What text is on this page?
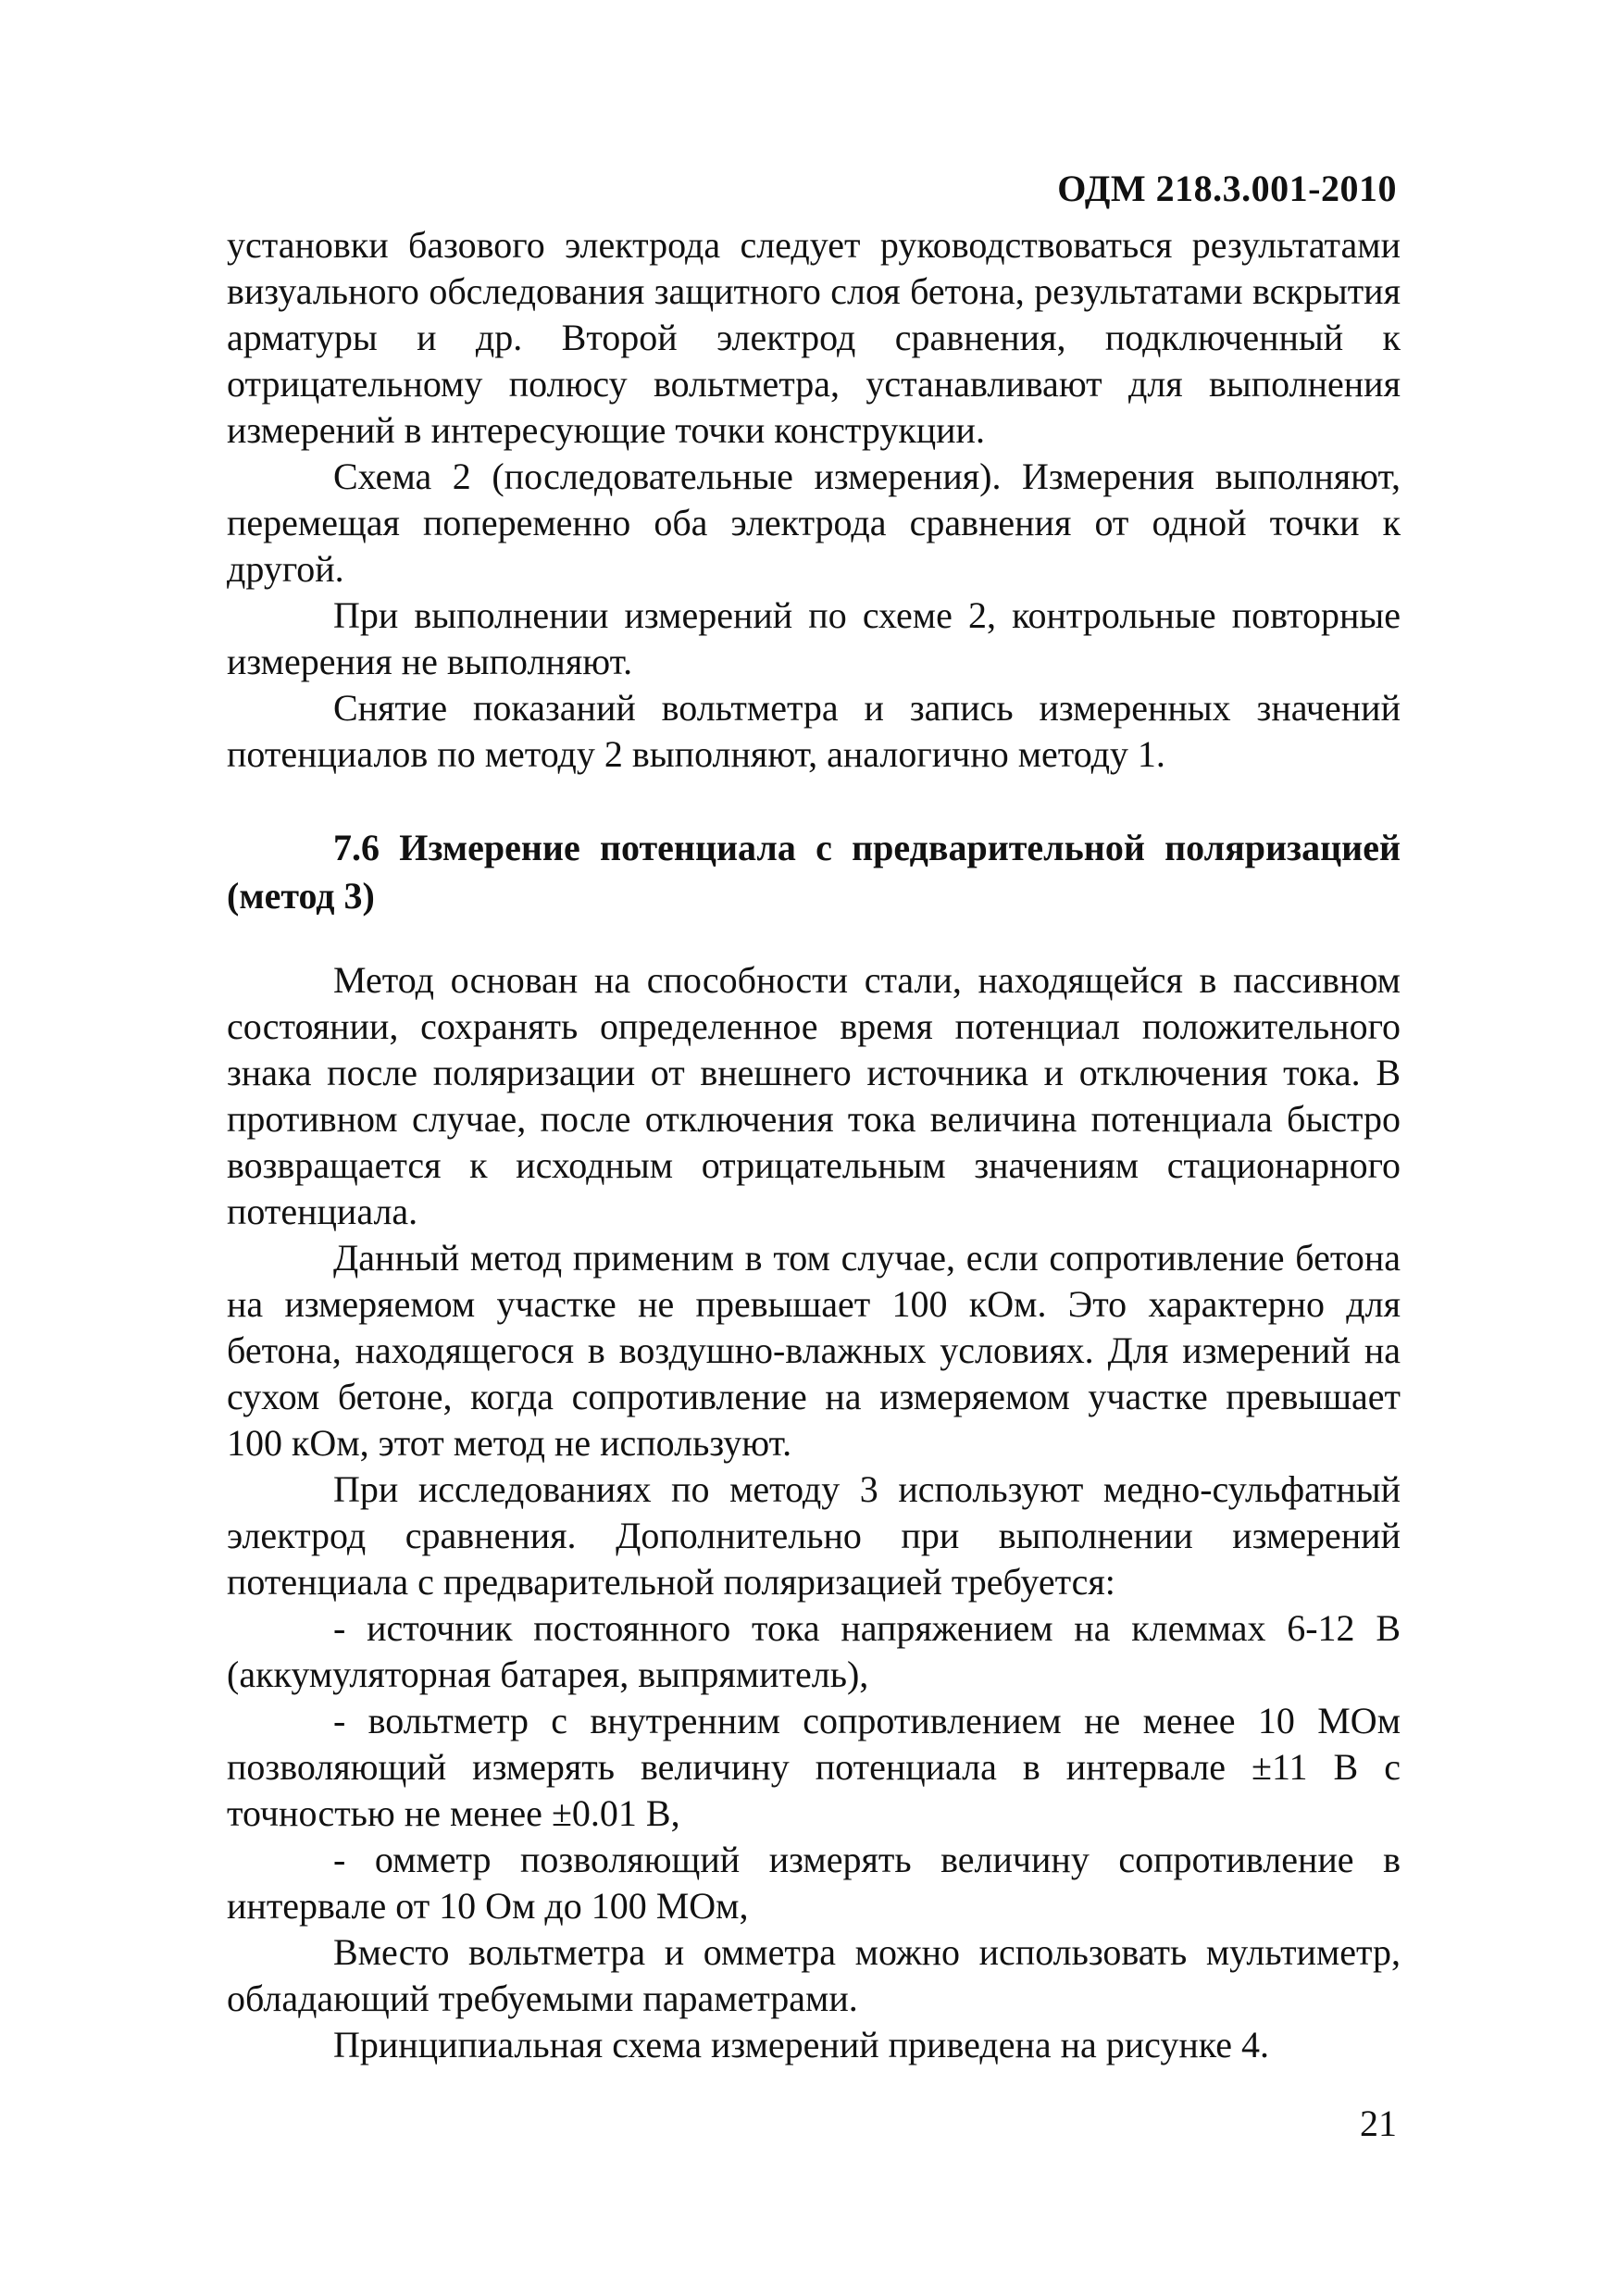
ОДМ 218.3.001-2010

установки базового электрода следует руководствоваться результатами визуального обследования защитного слоя бетона, результатами вскрытия арматуры и др. Второй электрод сравнения, подключенный к отрицательному полюсу вольтметра, устанавливают для выполнения измерений в интересующие точки конструкции.

Схема 2 (последовательные измерения). Измерения выполняют, перемещая попеременно оба электрода сравнения от одной точки к другой.

При выполнении измерений по схеме 2, контрольные повторные измерения не выполняют.

Снятие показаний вольтметра и запись измеренных значений потенциалов по методу 2 выполняют, аналогично методу 1.

7.6 Измерение потенциала с предварительной поляризацией (метод 3)

Метод основан на способности стали, находящейся в пассивном состоянии, сохранять определенное время потенциал положительного знака после поляризации от внешнего источника и отключения тока. В противном случае, после отключения тока величина потенциала быстро возвращается к исходным отрицательным значениям стационарного потенциала.

Данный метод применим в том случае, если сопротивление бетона на измеряемом участке не превышает 100 кОм. Это характерно для бетона, находящегося в воздушно-влажных условиях. Для измерений на сухом бетоне, когда сопротивление на измеряемом участке превышает 100 кОм, этот метод не используют.

При исследованиях по методу 3 используют медно-сульфатный электрод сравнения. Дополнительно при выполнении измерений потенциала с предварительной поляризацией требуется:

- источник постоянного тока напряжением на клеммах 6-12 В (аккумуляторная батарея, выпрямитель),

- вольтметр с внутренним сопротивлением не менее 10 МОм позволяющий измерять величину потенциала в интервале ±11 В с точностью не менее ±0.01 В,

- омметр позволяющий измерять величину сопротивление в интервале от 10 Ом до 100 МОм,

Вместо вольтметра и омметра можно использовать мультиметр, обладающий требуемыми параметрами.

Принципиальная схема измерений приведена на рисунке 4.

21
